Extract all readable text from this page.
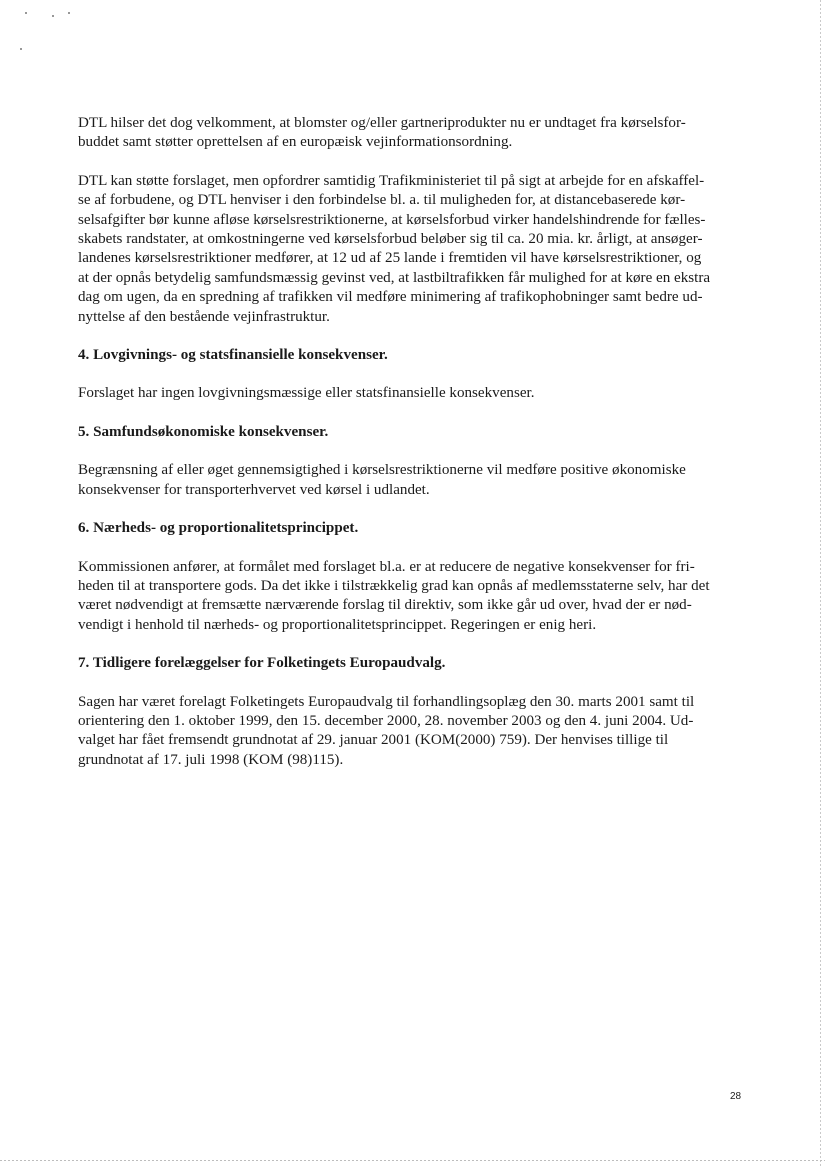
DTL hilser det dog velkomment, at blomster og/eller gartneriprodukter nu er undtaget fra kørselsfor-
buddet samt støtter oprettelsen af en europæisk vejinformationsordning.

DTL kan støtte forslaget, men opfordrer samtidig Trafikministeriet til på sigt at arbejde for en afskaffel-
se af forbudene, og DTL henviser i den forbindelse bl. a. til muligheden for, at distancebaserede kør-
selsafgifter bør kunne afløse kørselsrestriktionerne, at kørselsforbud virker handelshindrende for fælles-
skabets randstater, at omkostningerne ved kørselsforbud beløber sig til ca. 20 mia. kr. årligt, at ansøger-
landenes kørselsrestriktioner medfører, at 12 ud af 25 lande i fremtiden vil have kørselsrestriktioner, og
at der opnås betydelig samfundsmæssig gevinst ved, at lastbiltrafikken får mulighed for at køre en ekstra
dag om ugen, da en spredning af trafikken vil medføre minimering af trafikophobninger samt bedre ud-
nyttelse af den bestående vejinfrastruktur.

4. Lovgivnings- og statsfinansielle konsekvenser.

Forslaget har ingen lovgivningsmæssige eller statsfinansielle konsekvenser.

5. Samfundsøkonomiske konsekvenser.

Begrænsning af eller øget gennemsigtighed i kørselsrestriktionerne vil medføre positive økonomiske
konsekvenser for transporterhvervet ved kørsel i udlandet.

6. Nærheds- og proportionalitetsprincippet.

Kommissionen anfører, at formålet med forslaget bl.a. er at reducere de negative konsekvenser for fri-
heden til at transportere gods. Da det ikke i tilstrækkelig grad kan opnås af medlemsstaterne selv, har det
været nødvendigt at fremsætte nærværende forslag til direktiv, som ikke går ud over, hvad der er nød-
vendigt i henhold til nærheds- og proportionalitetsprincippet. Regeringen er enig heri.

7. Tidligere forelæggelser for Folketingets Europaudvalg.

Sagen har været forelagt Folketingets Europaudvalg til forhandlingsoplæg den 30. marts 2001 samt til
orientering den 1. oktober 1999, den 15. december 2000, 28. november 2003 og den 4. juni 2004. Ud-
valget har fået fremsendt grundnotat af 29. januar 2001 (KOM(2000) 759). Der henvises tillige til
grundnotat af 17. juli 1998 (KOM (98)115).

28
